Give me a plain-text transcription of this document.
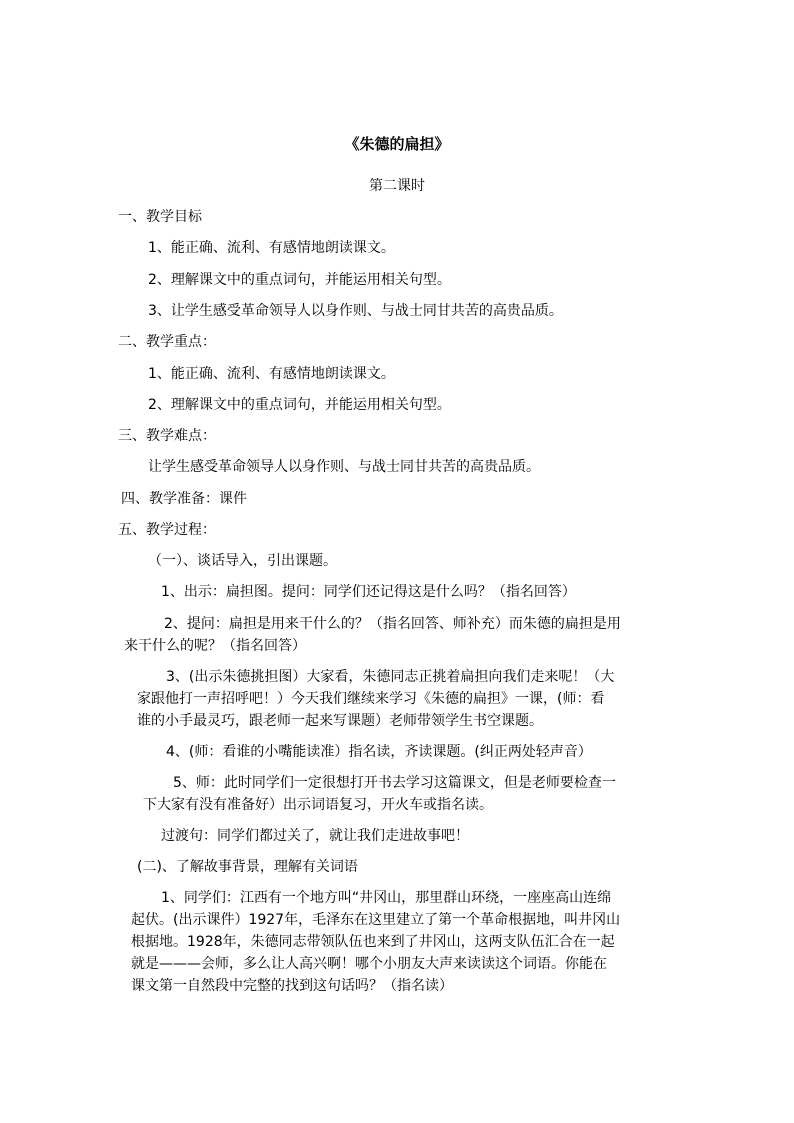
《朱德的扁担》
第二课时
一、教学目标
1、能正确、流利、有感情地朗读课文。
2、理解课文中的重点词句，并能运用相关句型。
3、让学生感受革命领导人以身作则、与战士同甘共苦的高贵品质。
二、教学重点：
1、能正确、流利、有感情地朗读课文。
2、理解课文中的重点词句，并能运用相关句型。
三、教学难点：
让学生感受革命领导人以身作则、与战士同甘共苦的高贵品质。
四、教学准备：课件
五、教学过程：
（一）、谈话导入，引出课题。
1、出示：扁担图。提问：同学们还记得这是什么吗？（指名回答）
2、提问：扁担是用来干什么的？（指名回答、师补充）而朱德的扁担是用
来干什么的呢？（指名回答）
3、(出示朱德挑担图）大家看，朱德同志正挑着扁担向我们走来呢！（大
家跟他打一声招呼吧！）今天我们继续来学习《朱德的扁担》一课，(师：看
谁的小手最灵巧，跟老师一起来写课题）老师带领学生书空课题。
4、(师：看谁的小嘴能读准）指名读，齐读课题。(纠正两处轻声音）
5、师：此时同学们一定很想打开书去学习这篇课文，但是老师要检查一
下大家有没有准备好）出示词语复习，开火车或指名读。
过渡句：同学们都过关了，就让我们走进故事吧！
(二)、了解故事背景，理解有关词语
1、同学们：江西有一个地方叫“井冈山，那里群山环绕，一座座高山连绵
起伏。(出示课件）1927年，毛泽东在这里建立了第一个革命根据地，叫井冈山
根据地。1928年，朱德同志带领队伍也来到了井冈山，这两支队伍汇合在一起
就是———会师，多么让人高兴啊！哪个小朋友大声来读读这个词语。你能在
课文第一自然段中完整的找到这句话吗？（指名读）
